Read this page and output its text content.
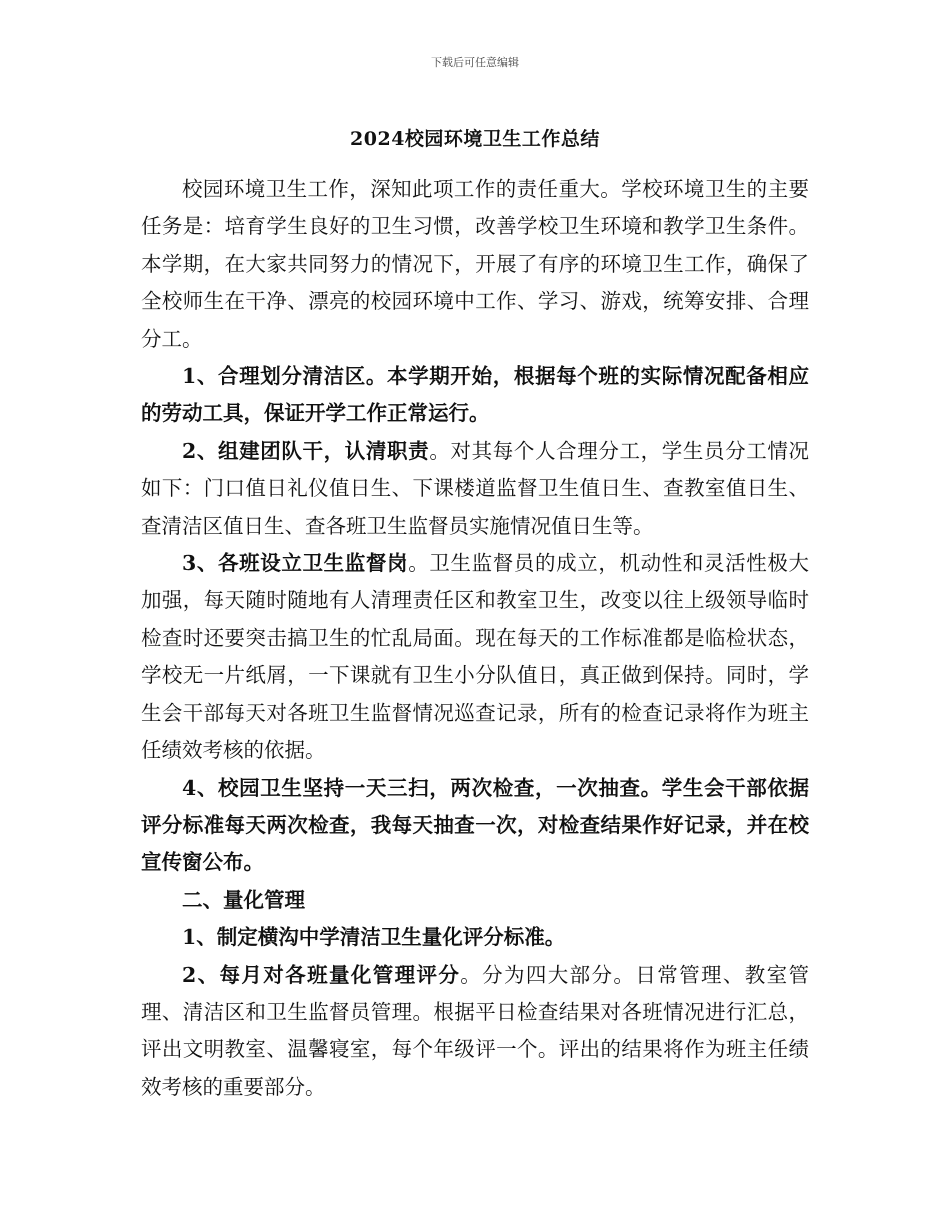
下载后可任意编辑
2024校园环境卫生工作总结

校园环境卫生工作，深知此项工作的责任重大。学校环境卫生的主要任务是：培育学生良好的卫生习惯，改善学校卫生环境和教学卫生条件。本学期，在大家共同努力的情况下，开展了有序的环境卫生工作，确保了全校师生在干净、漂亮的校园环境中工作、学习、游戏，统筹安排、合理分工。

1、合理划分清洁区。本学期开始，根据每个班的实际情况配备相应的劳动工具，保证开学工作正常运行。

2、组建团队干，认清职责。对其每个人合理分工，学生员分工情况如下：门口值日礼仪值日生、下课楼道监督卫生值日生、查教室值日生、查清洁区值日生、查各班卫生监督员实施情况值日生等。

3、各班设立卫生监督岗。卫生监督员的成立，机动性和灵活性极大加强，每天随时随地有人清理责任区和教室卫生，改变以往上级领导临时检查时还要突击搞卫生的忙乱局面。现在每天的工作标准都是临检状态，学校无一片纸屑，一下课就有卫生小分队值日，真正做到保持。同时，学生会干部每天对各班卫生监督情况巡查记录，所有的检查记录将作为班主任绩效考核的依据。

4、校园卫生坚持一天三扫，两次检查，一次抽查。学生会干部依据评分标准每天两次检查，我每天抽查一次，对检查结果作好记录，并在校宣传窗公布。

二、量化管理

1、制定横沟中学清洁卫生量化评分标准。

2、每月对各班量化管理评分。分为四大部分。日常管理、教室管理、清洁区和卫生监督员管理。根据平日检查结果对各班情况进行汇总，评出文明教室、温馨寝室，每个年级评一个。评出的结果将作为班主任绩效考核的重要部分。
